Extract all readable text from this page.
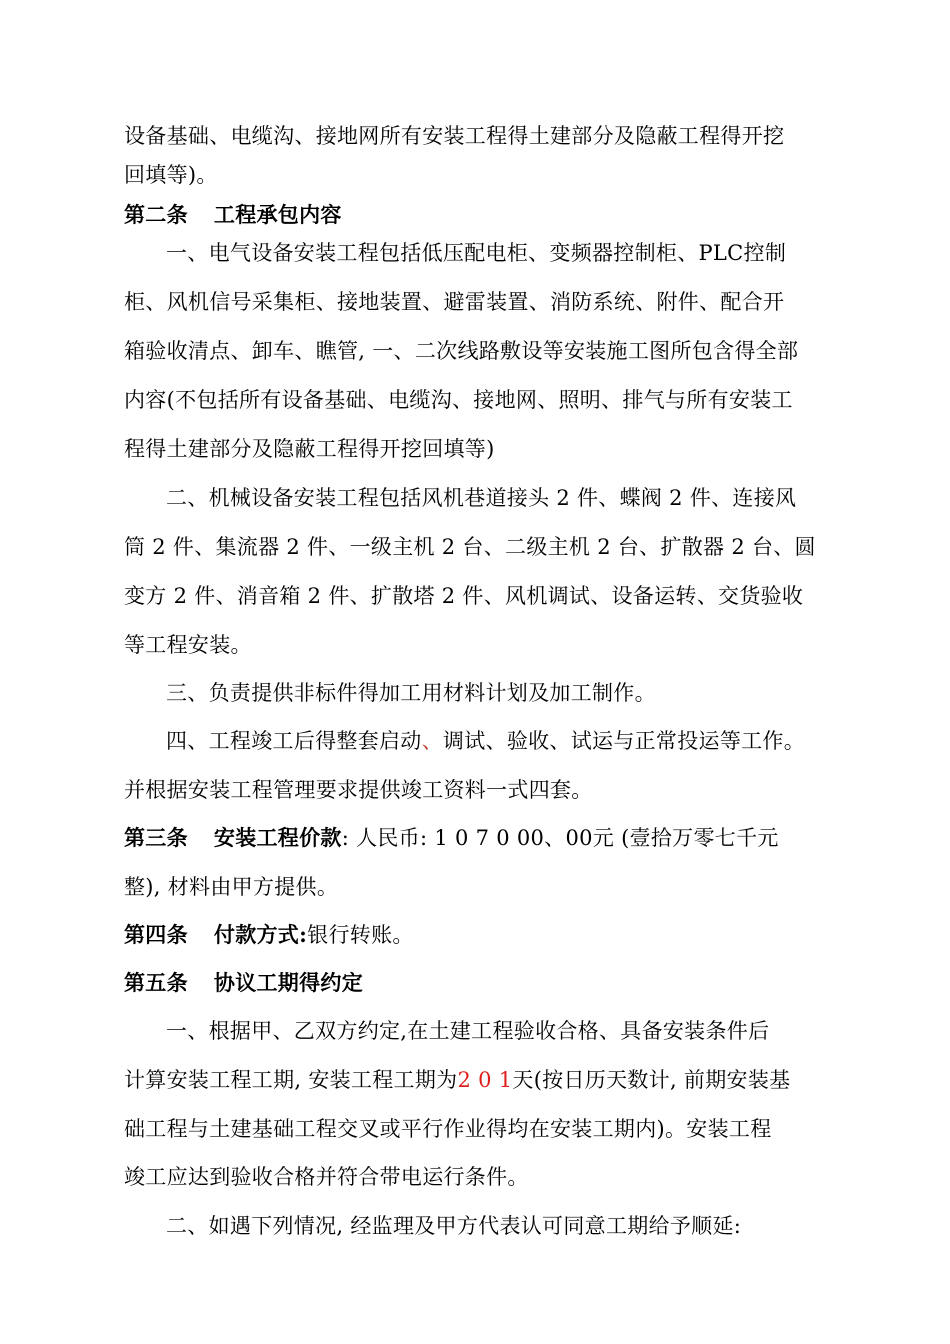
设备基础、电缆沟、接地网所有安装工程得土建部分及隐蔽工程得开挖
回填等)。
第二条 工程承包内容
一、电气设备安装工程包括低压配电柜、变频器控制柜、PLC控制
柜、风机信号采集柜、接地装置、避雷装置、消防系统、附件、配合开
箱验收清点、卸车、瞧管, 一、二次线路敷设等安装施工图所包含得全部
内容(不包括所有设备基础、电缆沟、接地网、照明、排气与所有安装工
程得土建部分及隐蔽工程得开挖回填等)
二、机械设备安装工程包括风机巷道接头 2 件、蝶阀 2 件、连接风
筒 2 件、集流器 2 件、一级主机 2 台、二级主机 2 台、扩散器 2 台、圆
变方 2 件、消音箱 2 件、扩散塔 2 件、风机调试、设备运转、交货验收
等工程安装。
三、负责提供非标件得加工用材料计划及加工制作。
四、工程竣工后得整套启动、调试、验收、试运与正常投运等工作。
并根据安装工程管理要求提供竣工资料一式四套。
第三条 安装工程价款: 人民币: 1 0 7 0 00、00元 (壹拾万零七千元
整), 材料由甲方提供。
第四条 付款方式:银行转账。
第五条 协议工期得约定
一、根据甲、乙双方约定,在土建工程验收合格、具备安装条件后
计算安装工程工期, 安装工程工期为2 0 1天(按日历天数计, 前期安装基
础工程与土建基础工程交叉或平行作业得均在安装工期内)。安装工程
竣工应达到验收合格并符合带电运行条件。
二、如遇下列情况, 经监理及甲方代表认可同意工期给予顺延:
